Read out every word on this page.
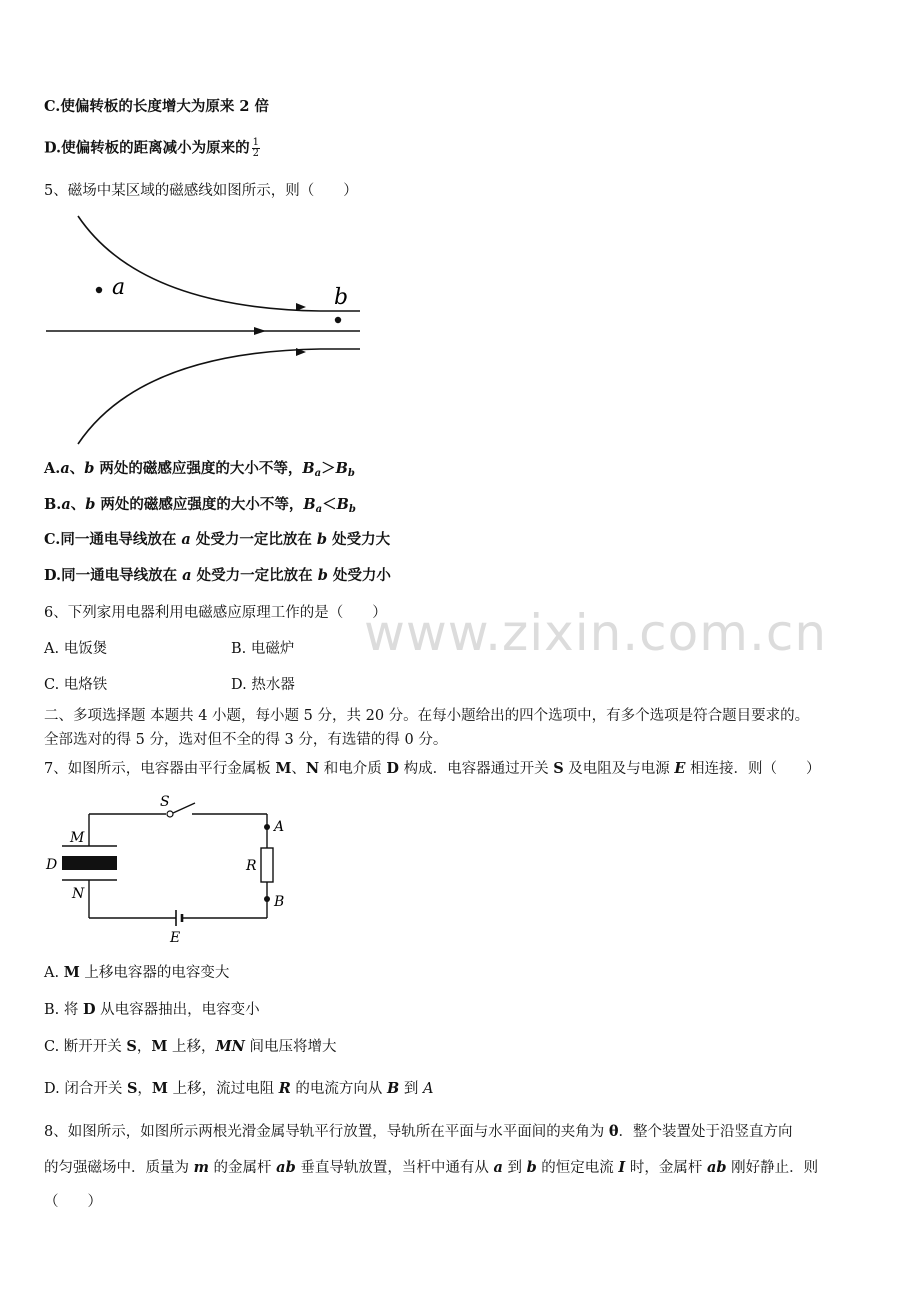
C.使偏转板的长度增大为原来 2 倍
D.使偏转板的距离减小为原来的 $\frac{1}{2}$
5、磁场中某区域的磁感线如图所示，则（　　）
a	b
A.a、b 两处的磁感应强度的大小不等，$B_a>B_b$
B.a、b 两处的磁感应强度的大小不等，$B_a<B_b$
C.同一通电导线放在 a 处受力一定比放在 b 处受力大
D.同一通电导线放在 a 处受力一定比放在 b 处受力小
6、下列家用电器利用电磁感应原理工作的是（　　）
A. 电饭煲	B. 电磁炉
C. 电烙铁	D. 热水器
www.zixin.com.cn
二、多项选择题 本题共 4 小题，每小题 5 分，共 20 分。在每小题给出的四个选项中，有多个选项是符合题目要求的。
全部选对的得 5 分，选对但不全的得 3 分，有选错的得 0 分。
7、如图所示，电容器由平行金属板 M、N 和电介质 D 构成．电容器通过开关 S 及电阻及与电源 E 相连接．则（　　）
S
M
D
N
A
R
B
E
A. M 上移电容器的电容变大
B. 将 D 从电容器抽出，电容变小
C. 断开开关 S，M 上移，MN 间电压将增大
D. 闭合开关 S，M 上移，流过电阻 R 的电流方向从 B 到 A
8、如图所示，如图所示两根光滑金属导轨平行放置，导轨所在平面与水平面间的夹角为 θ．整个装置处于沿竖直方向
的匀强磁场中．质量为 m 的金属杆 ab 垂直导轨放置，当杆中通有从 a 到 b 的恒定电流 I 时，金属杆 ab 刚好静止．则
（　　）
